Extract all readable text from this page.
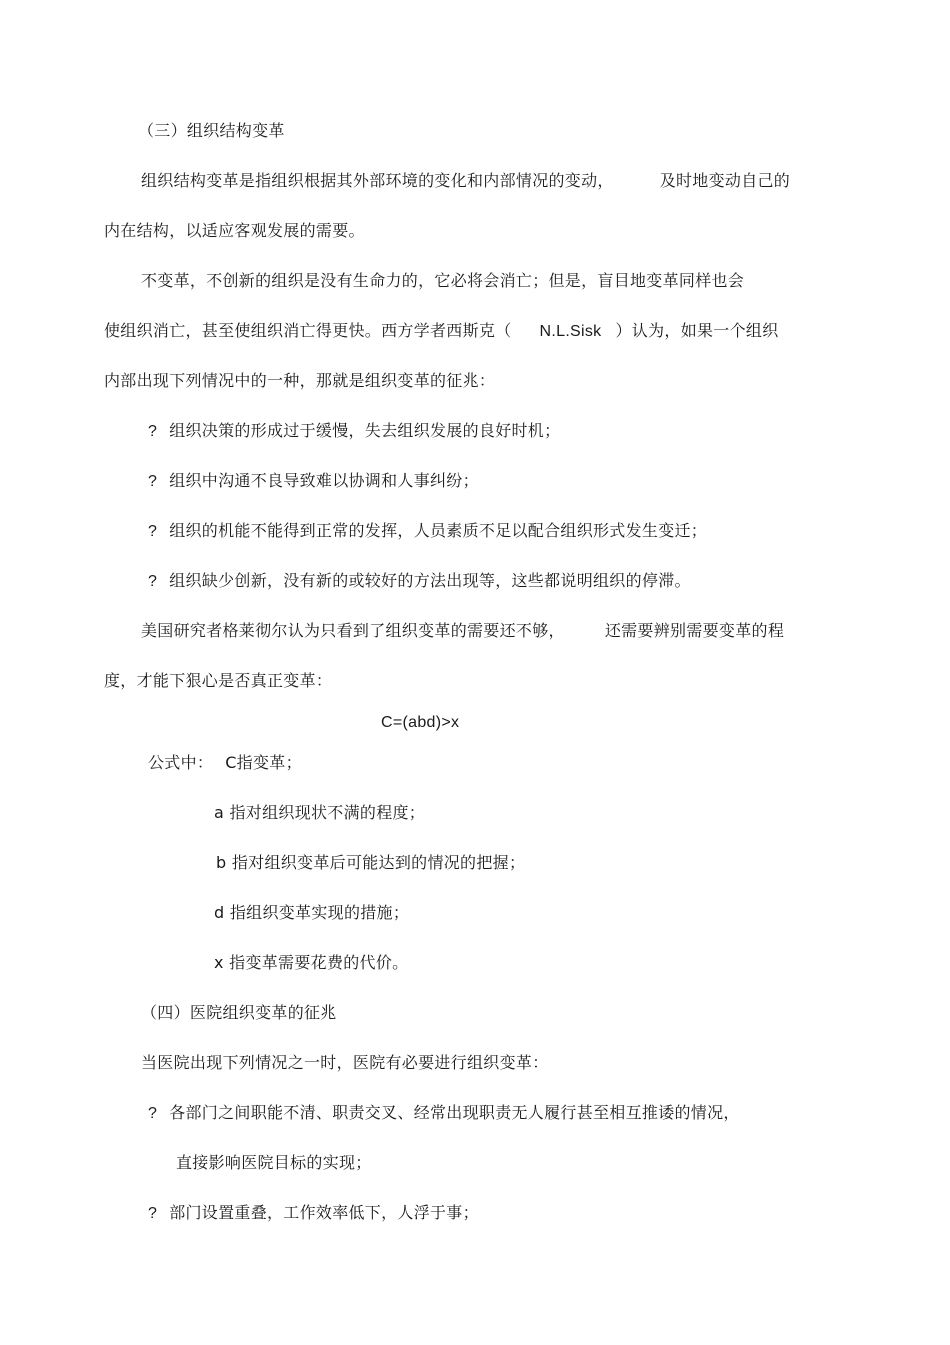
（三）组织结构变革
组织结构变革是指组织根据其外部环境的变化和内部情况的变动，	及时地变动自己的
内在结构，以适应客观发展的需要。
不变革，不创新的组织是没有生命力的，它必将会消亡；但是，盲目地变革同样也会
使组织消亡，甚至使组织消亡得更快。西方学者西斯克（ N.L.Sisk ）认为，如果一个组织
内部出现下列情况中的一种，那就是组织变革的征兆：
? 组织决策的形成过于缓慢，失去组织发展的良好时机；
? 组织中沟通不良导致难以协调和人事纠纷；
? 组织的机能不能得到正常的发挥，人员素质不足以配合组织形式发生变迁；
? 组织缺少创新，没有新的或较好的方法出现等，这些都说明组织的停滞。
美国研究者格莱彻尔认为只看到了组织变革的需要还不够，	还需要辨别需要变革的程
度，才能下狠心是否真正变革：
C=(abd)>x
公式中： C指变革；
a 指对组织现状不满的程度；
b 指对组织变革后可能达到的情况的把握；
d 指组织变革实现的措施；
x 指变革需要花费的代价。
（四）医院组织变革的征兆
当医院出现下列情况之一时，医院有必要进行组织变革：
? 各部门之间职能不清、职责交叉、经常出现职责无人履行甚至相互推诿的情况，
直接影响医院目标的实现；
? 部门设置重叠，工作效率低下，人浮于事；
